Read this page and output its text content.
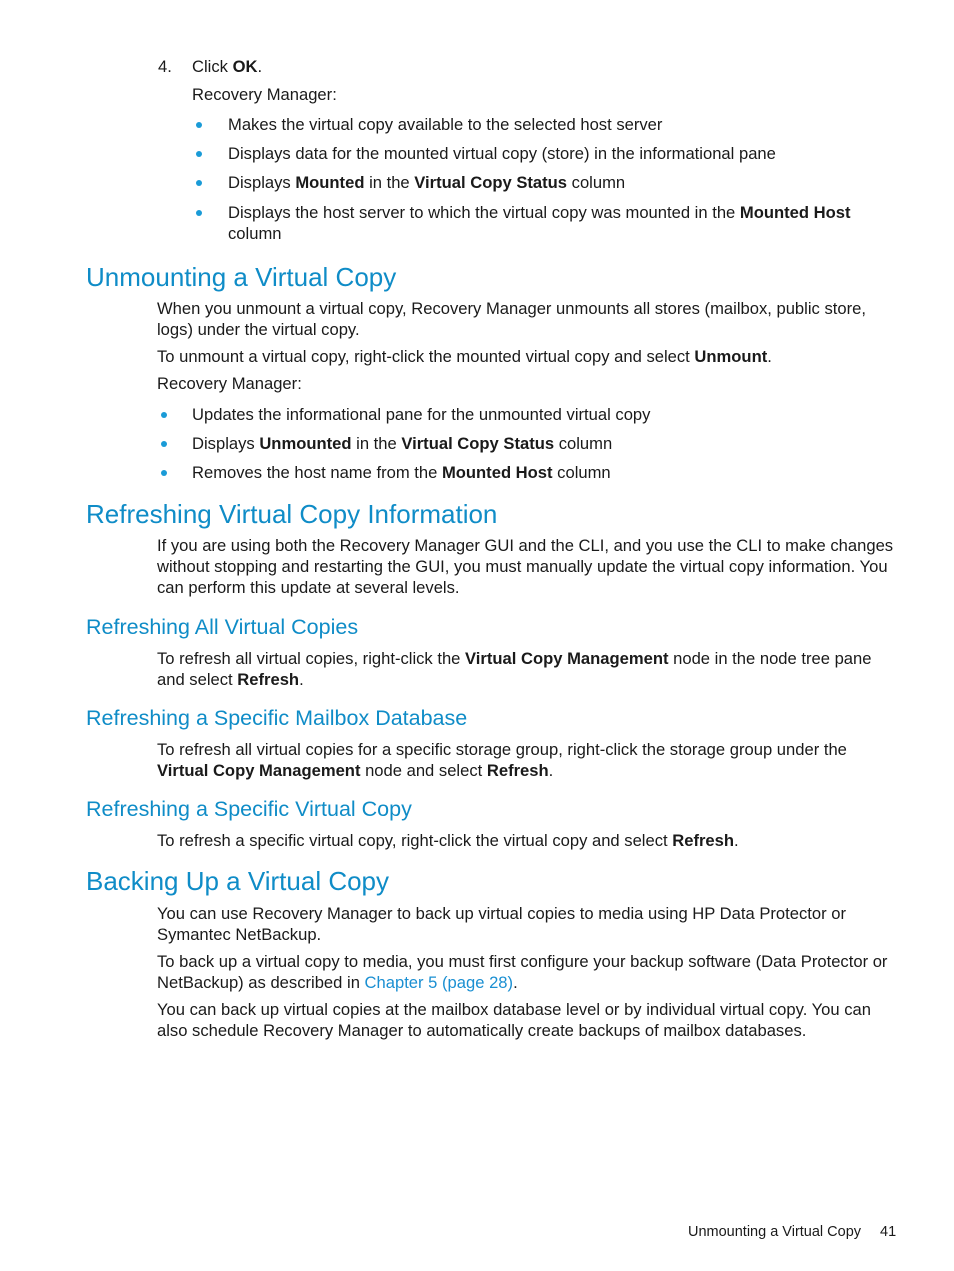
4. Click OK.

Recovery Manager:

Makes the virtual copy available to the selected host server

Displays data for the mounted virtual copy (store) in the informational pane

Displays Mounted in the Virtual Copy Status column

Displays the host server to which the virtual copy was mounted in the Mounted Host column

Unmounting a Virtual Copy

When you unmount a virtual copy, Recovery Manager unmounts all stores (mailbox, public store, logs) under the virtual copy.

To unmount a virtual copy, right-click the mounted virtual copy and select Unmount.

Recovery Manager:

Updates the informational pane for the unmounted virtual copy

Displays Unmounted in the Virtual Copy Status column

Removes the host name from the Mounted Host column

Refreshing Virtual Copy Information

If you are using both the Recovery Manager GUI and the CLI, and you use the CLI to make changes without stopping and restarting the GUI, you must manually update the virtual copy information. You can perform this update at several levels.

Refreshing All Virtual Copies

To refresh all virtual copies, right-click the Virtual Copy Management node in the node tree pane and select Refresh.

Refreshing a Specific Mailbox Database

To refresh all virtual copies for a specific storage group, right-click the storage group under the Virtual Copy Management node and select Refresh.

Refreshing a Specific Virtual Copy

To refresh a specific virtual copy, right-click the virtual copy and select Refresh.

Backing Up a Virtual Copy

You can use Recovery Manager to back up virtual copies to media using HP Data Protector or Symantec NetBackup.

To back up a virtual copy to media, you must first configure your backup software (Data Protector or NetBackup) as described in Chapter 5 (page 28).

You can back up virtual copies at the mailbox database level or by individual virtual copy. You can also schedule Recovery Manager to automatically create backups of mailbox databases.

Unmounting a Virtual Copy 41
